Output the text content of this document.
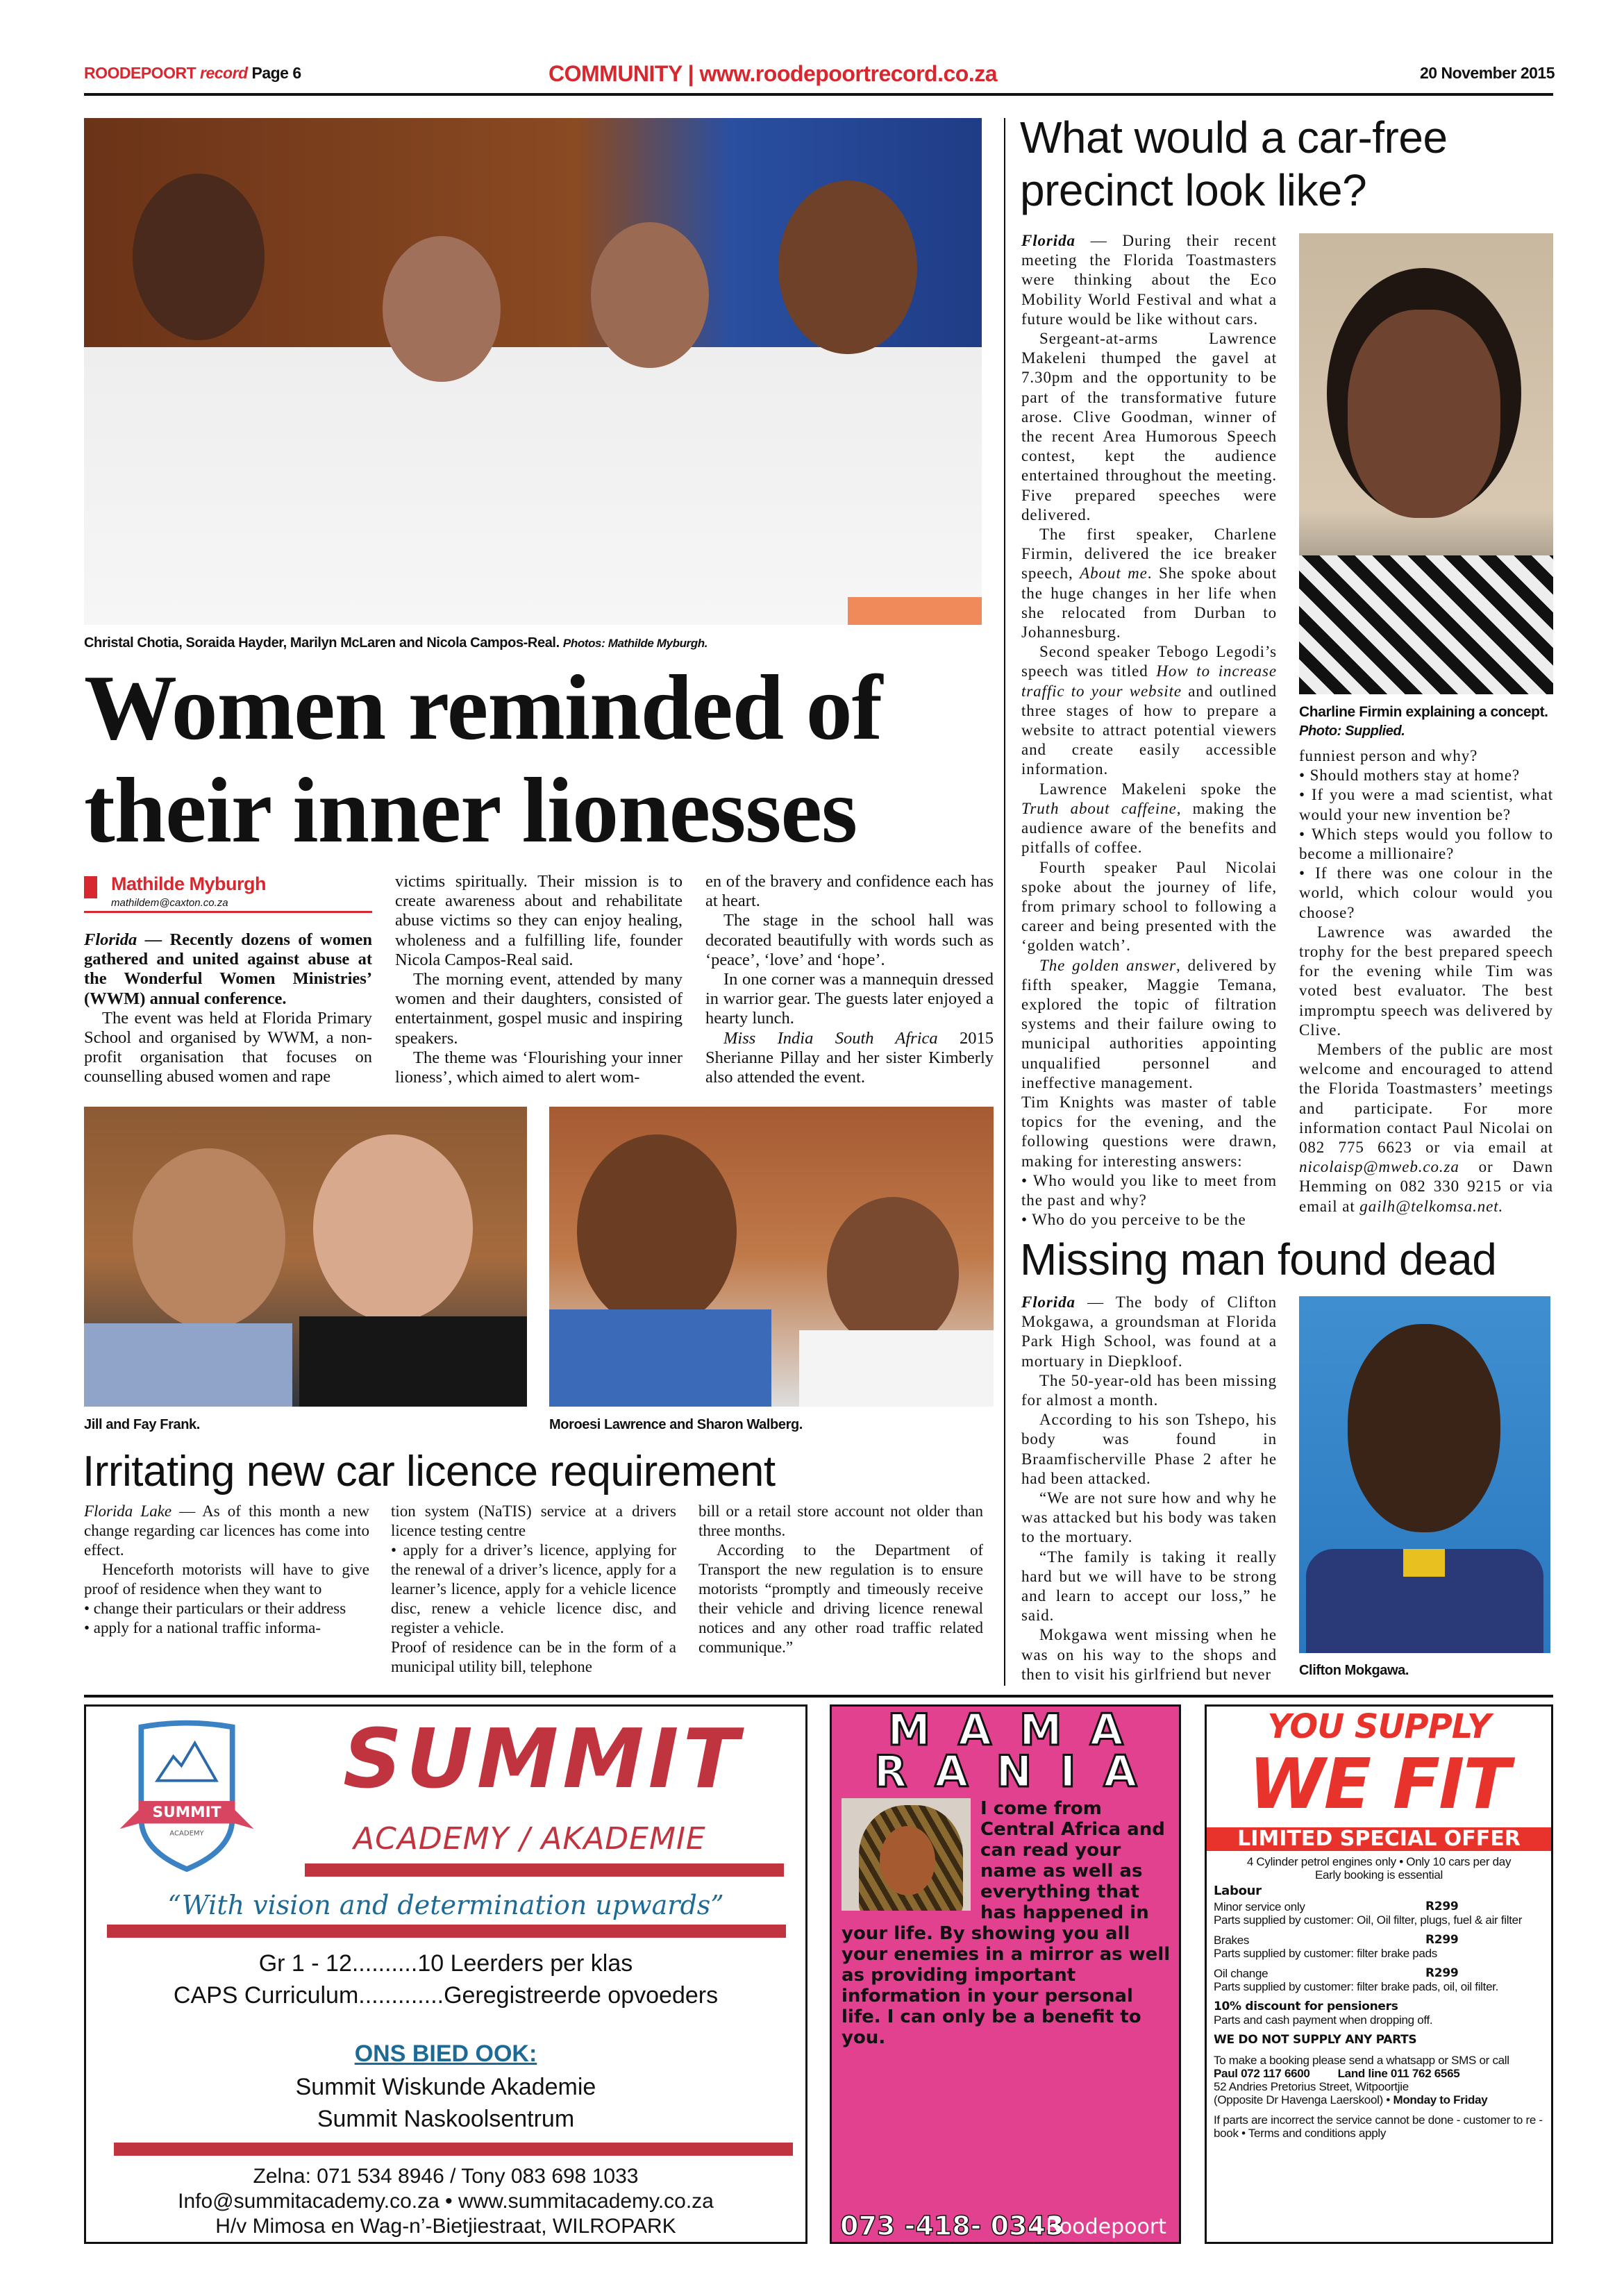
ROODEPOORT record Page 6	COMMUNITY | www.roodepoortrecord.co.za	20 November 2015
Christal Chotia, Soraida Hayder, Marilyn McLaren and Nicola Campos-Real. Photos: Mathilde Myburgh.
Women reminded of
their inner lionesses
Mathilde Myburgh
mathildem@caxton.co.za

Florida — Recently dozens of women gathered and united against abuse at the Wonderful Women Ministries’ (WWM) annual conference.

The event was held at Florida Primary School and organised by WWM, a non-profit organisation that focuses on counselling abused women and rape

victims spiritually. Their mission is to create awareness about and rehabilitate abuse victims so they can enjoy healing, wholeness and a fulfilling life, founder Nicola Campos-Real said.

The morning event, attended by many women and their daughters, consisted of entertainment, gospel music and inspiring speakers.

The theme was ‘Flourishing your inner lioness’, which aimed to alert wom-

en of the bravery and confidence each has at heart.

The stage in the school hall was decorated beautifully with words such as ‘peace’, ‘love’ and ‘hope’.

In one corner was a mannequin dressed in warrior gear. The guests later enjoyed a hearty lunch.

Miss India South Africa 2015 Sherianne Pillay and her sister Kimberly also attended the event.

Jill and Fay Frank.	Moroesi Lawrence and Sharon Walberg.
Irritating new car licence requirement

Florida Lake — As of this month a new change regarding car licences has come into effect.

Henceforth motorists will have to give proof of residence when they want to

• change their particulars or their address

• apply for a national traffic informa-

tion system (NaTIS) service at a drivers licence testing centre

• apply for a driver’s licence, applying for the renewal of a driver’s licence, apply for a learner’s licence, apply for a vehicle licence disc, renew a vehicle licence disc, and register a vehicle.

Proof of residence can be in the form of a municipal utility bill, telephone

bill or a retail store account not older than three months.

According to the Department of Transport the new regulation is to ensure motorists “promptly and timeously receive their vehicle and driving licence renewal notices and any other road traffic related communique.”

What would a car-free
precinct look like?

Florida — During their recent meeting the Florida Toastmasters were thinking about the Eco Mobility World Festival and what a future would be like without cars.

Sergeant-at-arms Lawrence Makeleni thumped the gavel at 7.30pm and the opportunity to be part of the transformative future arose. Clive Goodman, winner of the recent Area Humorous Speech contest, kept the audience entertained throughout the meeting. Five prepared speeches were delivered.

The first speaker, Charlene Firmin, delivered the ice breaker speech, About me. She spoke about the huge changes in her life when she relocated from Durban to Johannesburg.

Second speaker Tebogo Legodi’s speech was titled How to increase traffic to your website and outlined three stages of how to prepare a website to attract potential viewers and create easily accessible information.

Lawrence Makeleni spoke the Truth about caffeine, making the audience aware of the benefits and pitfalls of coffee.

Fourth speaker Paul Nicolai spoke about the journey of life, from primary school to following a career and being presented with the ‘golden watch’.

The golden answer, delivered by fifth speaker, Maggie Temana, explored the topic of filtration systems and their failure owing to municipal authorities appointing unqualified personnel and ineffective management.

Tim Knights was master of table topics for the evening, and the following questions were drawn, making for interesting answers:

• Who would you like to meet from the past and why?

• Who do you perceive to be the

Charline Firmin explaining a concept. Photo: Supplied.

funniest person and why?

• Should mothers stay at home?

• If you were a mad scientist, what would your new invention be?

• Which steps would you follow to become a millionaire?

• If there was one colour in the world, which colour would you choose?

Lawrence was awarded the trophy for the best prepared speech for the evening while Tim was voted best evaluator. The best impromptu speech was delivered by Clive.

Members of the public are most welcome and encouraged to attend the Florida Toastmasters’ meetings and participate. For more information contact Paul Nicolai on 082 775 6623 or via email at nicolaisp@mweb.co.za or Dawn Hemming on 082 330 9215 or via email at gailh@telkomsa.net.

Missing man found dead

Florida — The body of Clifton Mokgawa, a groundsman at Florida Park High School, was found at a mortuary in Diepkloof.

The 50-year-old has been missing for almost a month.

According to his son Tshepo, his body was found in Braamfischerville Phase 2 after he had been attacked.

“We are not sure how and why he was attacked but his body was taken to the mortuary.

“The family is taking it really hard but we will have to be strong and learn to accept our loss,” he said.

Mokgawa went missing when he was on his way to the shops and then to visit his girlfriend but never	Clifton Mokgawa.
SUMMIT
ACADEMY
SUMMIT
ACADEMY / AKADEMIE
“With vision and determination upwards”
Gr 1 - 12..........10 Leerders per klas
CAPS Curriculum.............Geregistreerde opvoeders
ONS BIED OOK:
Summit Wiskunde Akademie
Summit Naskoolsentrum
Zelna: 071 534 8946 / Tony 083 698 1033
Info@summitacademy.co.za • www.summitacademy.co.za
H/v Mimosa en Wag-n’-Bietjiestraat, WILROPARK
MAMA
RANIA
I come from Central Africa and can read your name as well as everything that has happened in
your life. By showing you all your enemies in a mirror as well as providing important information in your personal life. I can only be a benefit to you.
073 -418- 0343
- Roodepoort
YOU SUPPLY
WE FIT
LIMITED SPECIAL OFFER
4 Cylinder petrol engines only • Only 10 cars per day
Early booking is essential
Labour
Minor service only	R299
Parts supplied by customer: Oil, Oil filter, plugs, fuel & air filter
Brakes	R299
Parts supplied by customer: filter brake pads
Oil change	R299
Parts supplied by customer: filter brake pads, oil, oil filter.
10% discount for pensioners
Parts and cash payment when dropping off.
WE DO NOT SUPPLY ANY PARTS
To make a booking please send a whatsapp or SMS or call
Paul 072 117 6600 Land line 011 762 6565
52 Andries Pretorius Street, Witpoortjie
(Opposite Dr Havenga Laerskool) • Monday to Friday
If parts are incorrect the service cannot be done - customer to re -book • Terms and conditions apply
